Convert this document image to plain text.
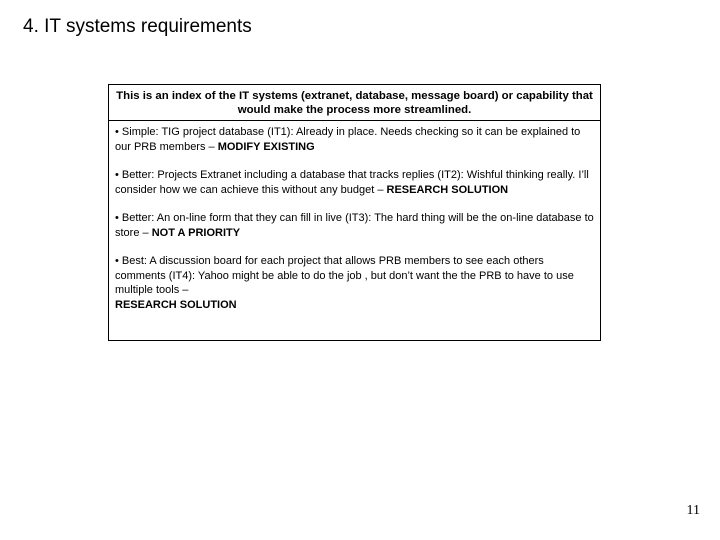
4. IT systems requirements
This is an index of the IT systems (extranet, database, message board) or capability that would make the process more streamlined.

• Simple: TIG project database (IT1): Already in place. Needs checking so it can be explained to our PRB members – MODIFY EXISTING

• Better: Projects Extranet including a database that tracks replies (IT2): Wishful thinking really. I’ll consider how we can achieve this without any budget – RESEARCH SOLUTION

• Better: An on-line form that they can fill in live (IT3): The hard thing will be the on-line database to store – NOT A PRIORITY

• Best: A discussion board for each project that allows PRB members to see each others comments (IT4): Yahoo might be able to do the job , but don’t want the the PRB to have to use multiple tools –
RESEARCH SOLUTION

11
